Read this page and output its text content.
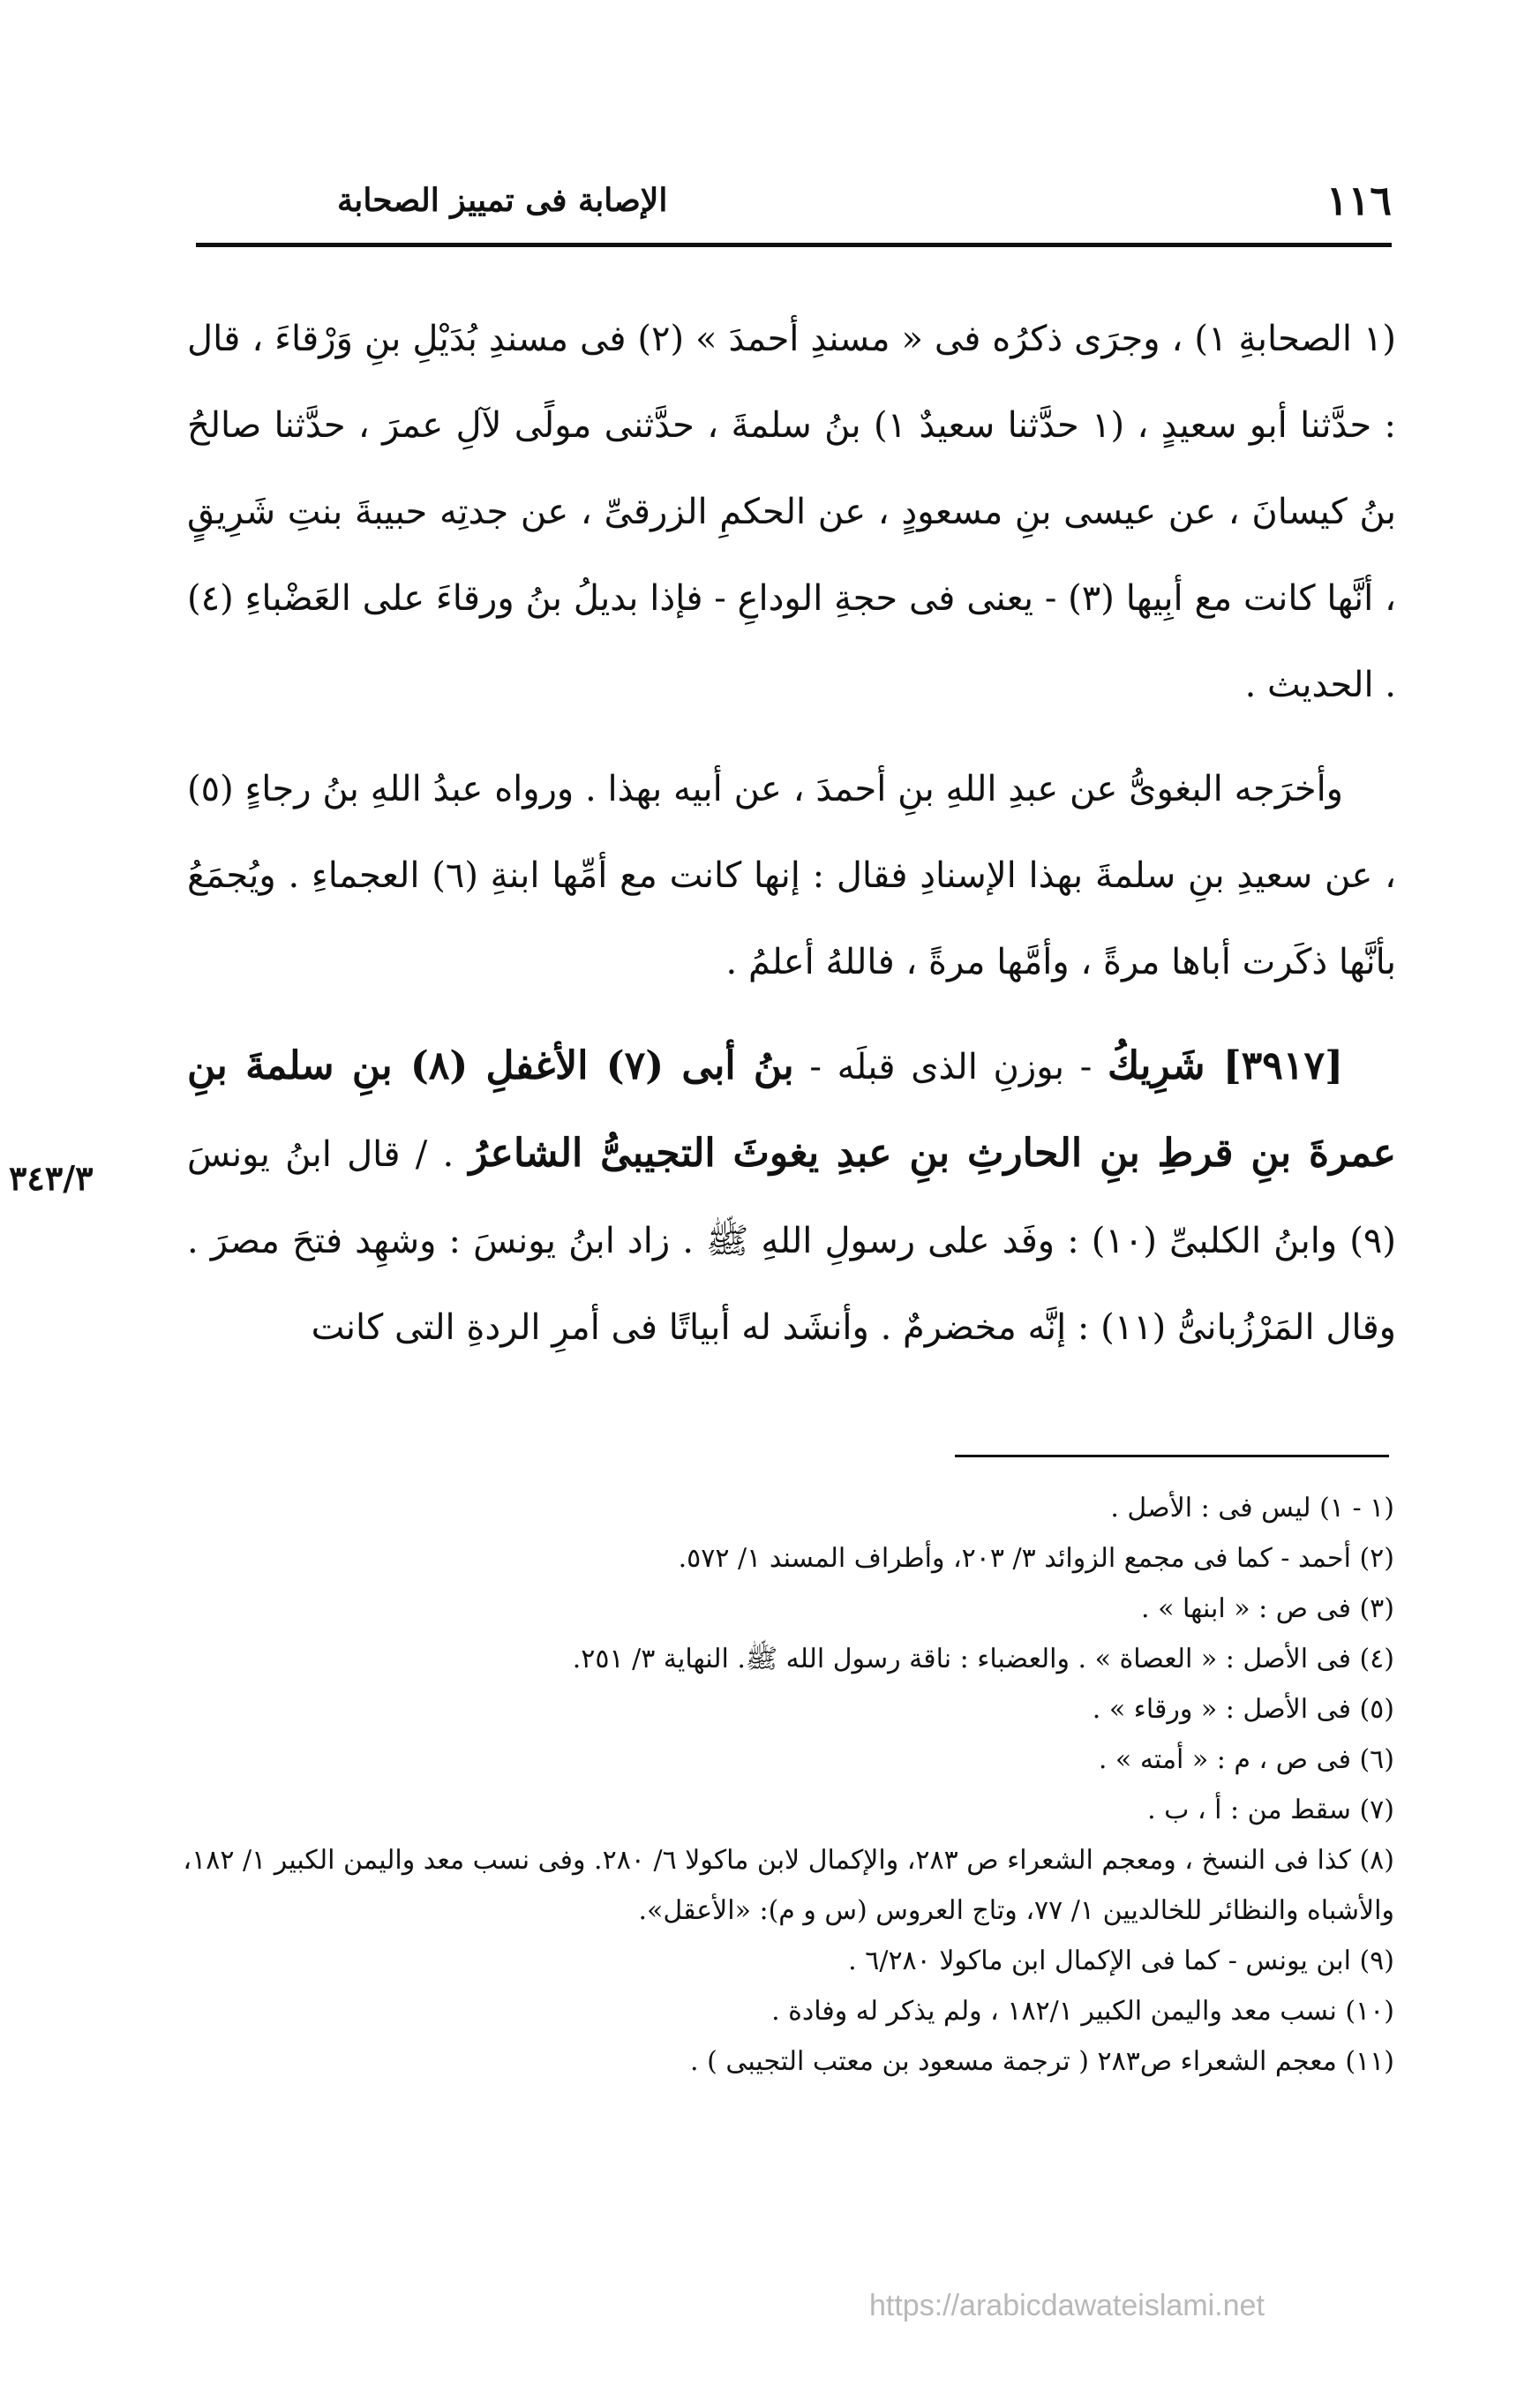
١١٦
الإصابة فى تمييز الصحابة

(١ الصحابةِ ١) ، وجرَى ذكرُه فى « مسندِ أحمدَ » (٢) فى مسندِ بُدَيْلِ بنِ وَرْقاءَ ، قال : حدَّثنا أبو سعيدٍ ، (١ حدَّثنا سعيدٌ ١) بنُ سلمةَ ، حدَّثنى مولًى لآلِ عمرَ ، حدَّثنا صالحُ بنُ كيسانَ ، عن عيسى بنِ مسعودٍ ، عن الحكمِ الزرقىِّ ، عن جدتِه حبيبةَ بنتِ شَرِيقٍ ، أنَّها كانت مع أبِيها (٣) - يعنى فى حجةِ الوداعِ - فإذا بديلُ بنُ ورقاءَ على العَضْباءِ (٤) . الحديث .

وأخرَجه البغوىُّ عن عبدِ اللهِ بنِ أحمدَ ، عن أبيه بهذا . ورواه عبدُ اللهِ بنُ رجاءٍ (٥) ، عن سعيدِ بنِ سلمةَ بهذا الإسنادِ فقال : إنها كانت مع أمِّها ابنةِ (٦) العجماءِ . ويُجمَعُ بأنَّها ذكَرت أباها مرةً ، وأمَّها مرةً ، فاللهُ أعلمُ .

[٣٩١٧] شَرِيكُ - بوزنِ الذى قبلَه - بنُ أبى (٧) الأغفلِ (٨) بنِ سلمةَ بنِ عمرةَ بنِ قرطِ بنِ الحارثِ بنِ عبدِ يغوثَ التجيبىُّ الشاعرُ . / قال ابنُ يونسَ (٩) وابنُ الكلبىِّ (١٠) : وفَد على رسولِ اللهِ ﷺ . زاد ابنُ يونسَ : وشهِد فتحَ مصرَ . وقال المَرْزُبانىُّ (١١) : إنَّه مخضرمٌ . وأنشَد له أبياتًا فى أمرِ الردةِ التى كانت

٣٤٣/٣

(١ - ١) ليس فى : الأصل .

(٢) أحمد - كما فى مجمع الزوائد ٣/ ٢٠٣، وأطراف المسند ١/ ٥٧٢.

(٣) فى ص : « ابنها » .

(٤) فى الأصل : « العصاة » . والعضباء : ناقة رسول الله ﷺ. النهاية ٣/ ٢٥١.

(٥) فى الأصل : « ورقاء » .

(٦) فى ص ، م : « أمته » .

(٧) سقط من : أ ، ب .

(٨) كذا فى النسخ ، ومعجم الشعراء ص ٢٨٣، والإكمال لابن ماكولا ٦/ ٢٨٠. وفى نسب معد واليمن الكبير ١/ ١٨٢، والأشباه والنظائر للخالديين ١/ ٧٧، وتاج العروس (س و م): «الأعقل».

(٩) ابن يونس - كما فى الإكمال ابن ماكولا ٦/٢٨٠ .

(١٠) نسب معد واليمن الكبير ١٨٢/١ ، ولم يذكر له وفادة .

(١١) معجم الشعراء ص٢٨٣ ( ترجمة مسعود بن معتب التجيبى ) .

https://arabicdawateislami.net
